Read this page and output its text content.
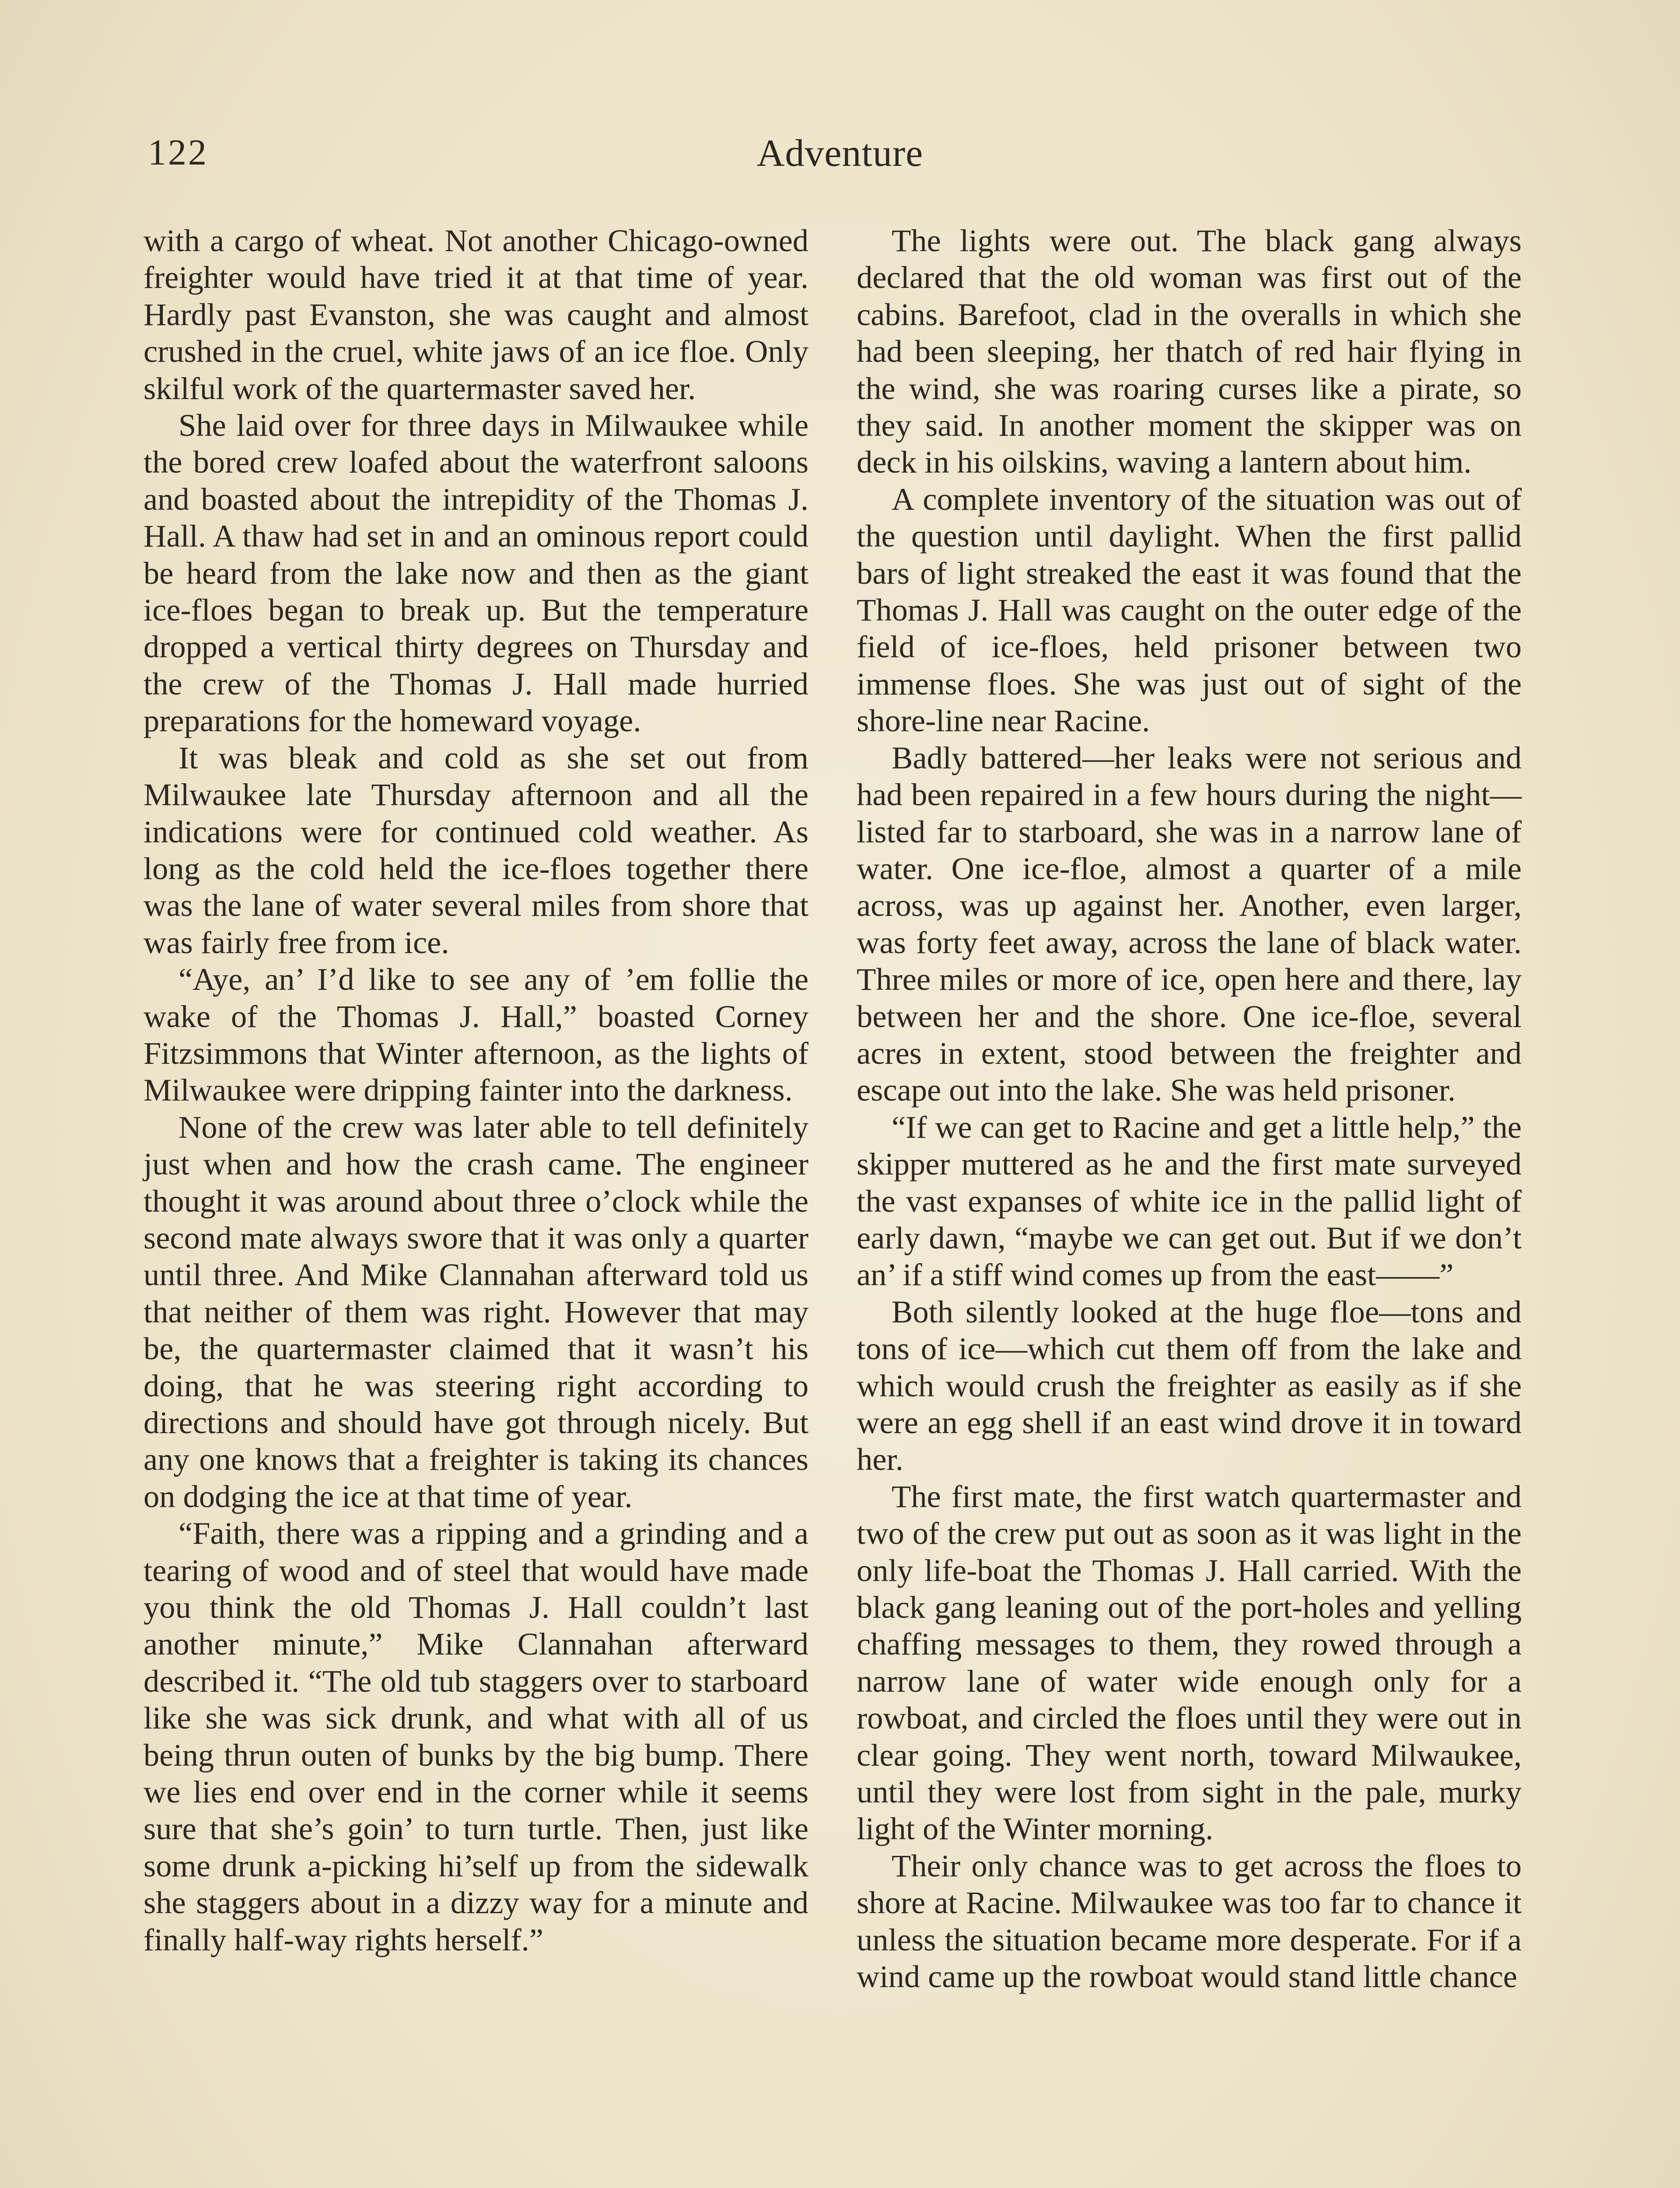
122	Adventure

with a cargo of wheat. Not another Chicago-owned freighter would have tried it at that time of year. Hardly past Evanston, she was caught and almost crushed in the cruel, white jaws of an ice floe. Only skilful work of the quartermaster saved her.

She laid over for three days in Milwaukee while the bored crew loafed about the waterfront saloons and boasted about the intrepidity of the Thomas J. Hall. A thaw had set in and an ominous report could be heard from the lake now and then as the giant ice-floes began to break up. But the temperature dropped a vertical thirty degrees on Thursday and the crew of the Thomas J. Hall made hurried preparations for the homeward voyage.

It was bleak and cold as she set out from Milwaukee late Thursday afternoon and all the indications were for continued cold weather. As long as the cold held the ice-floes together there was the lane of water several miles from shore that was fairly free from ice.

“Aye, an’ I’d like to see any of ’em follie the wake of the Thomas J. Hall,” boasted Corney Fitzsimmons that Winter afternoon, as the lights of Milwaukee were dripping fainter into the darkness.

None of the crew was later able to tell definitely just when and how the crash came. The engineer thought it was around about three o’clock while the second mate always swore that it was only a quarter until three. And Mike Clannahan afterward told us that neither of them was right. However that may be, the quartermaster claimed that it wasn’t his doing, that he was steering right according to directions and should have got through nicely. But any one knows that a freighter is taking its chances on dodging the ice at that time of year.

“Faith, there was a ripping and a grinding and a tearing of wood and of steel that would have made you think the old Thomas J. Hall couldn’t last another minute,” Mike Clannahan afterward described it. “The old tub staggers over to starboard like she was sick drunk, and what with all of us being thrun outen of bunks by the big bump. There we lies end over end in the corner while it seems sure that she’s goin’ to turn turtle. Then, just like some drunk a-picking hi’self up from the sidewalk she staggers about in a dizzy way for a minute and finally half-way rights herself.”

The lights were out. The black gang always declared that the old woman was first out of the cabins. Barefoot, clad in the overalls in which she had been sleeping, her thatch of red hair flying in the wind, she was roaring curses like a pirate, so they said. In another moment the skipper was on deck in his oilskins, waving a lantern about him.

A complete inventory of the situation was out of the question until daylight. When the first pallid bars of light streaked the east it was found that the Thomas J. Hall was caught on the outer edge of the field of ice-floes, held prisoner between two immense floes. She was just out of sight of the shore-line near Racine.

Badly battered—her leaks were not serious and had been repaired in a few hours during the night—listed far to starboard, she was in a narrow lane of water. One ice-floe, almost a quarter of a mile across, was up against her. Another, even larger, was forty feet away, across the lane of black water. Three miles or more of ice, open here and there, lay between her and the shore. One ice-floe, several acres in extent, stood between the freighter and escape out into the lake. She was held prisoner.

“If we can get to Racine and get a little help,” the skipper muttered as he and the first mate surveyed the vast expanses of white ice in the pallid light of early dawn, “maybe we can get out. But if we don’t an’ if a stiff wind comes up from the east——”

Both silently looked at the huge floe—tons and tons of ice—which cut them off from the lake and which would crush the freighter as easily as if she were an egg shell if an east wind drove it in toward her.

The first mate, the first watch quartermaster and two of the crew put out as soon as it was light in the only life-boat the Thomas J. Hall carried. With the black gang leaning out of the port-holes and yelling chaffing messages to them, they rowed through a narrow lane of water wide enough only for a rowboat, and circled the floes until they were out in clear going. They went north, toward Milwaukee, until they were lost from sight in the pale, murky light of the Winter morning.

Their only chance was to get across the floes to shore at Racine. Milwaukee was too far to chance it unless the situation became more desperate. For if a wind came up the rowboat would stand little chance
